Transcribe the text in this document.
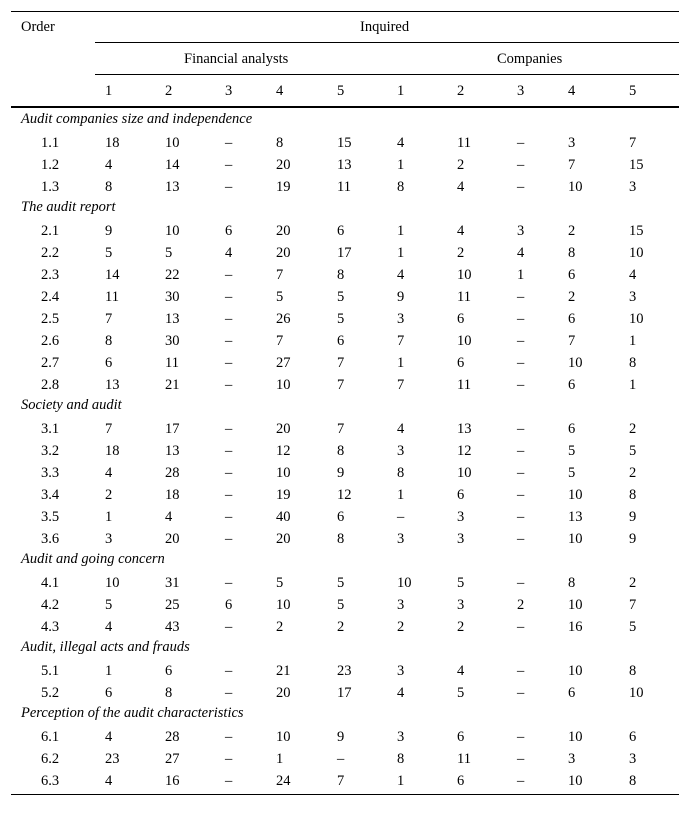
Order	Inquired
Financial analysts	Companies
1	2	3	4	5	1	2	3	4	5
Audit companies size and independence
1.1	18	10	–	8	15	4	11	–	3	7
1.2	4	14	–	20	13	1	2	–	7	15
1.3	8	13	–	19	11	8	4	–	10	3
The audit report
2.1	9	10	6	20	6	1	4	3	2	15
2.2	5	5	4	20	17	1	2	4	8	10
2.3	14	22	–	7	8	4	10	1	6	4
2.4	11	30	–	5	5	9	11	–	2	3
2.5	7	13	–	26	5	3	6	–	6	10
2.6	8	30	–	7	6	7	10	–	7	1
2.7	6	11	–	27	7	1	6	–	10	8
2.8	13	21	–	10	7	7	11	–	6	1
Society and audit
3.1	7	17	–	20	7	4	13	–	6	2
3.2	18	13	–	12	8	3	12	–	5	5
3.3	4	28	–	10	9	8	10	–	5	2
3.4	2	18	–	19	12	1	6	–	10	8
3.5	1	4	–	40	6	–	3	–	13	9
3.6	3	20	–	20	8	3	3	–	10	9
Audit and going concern
4.1	10	31	–	5	5	10	5	–	8	2
4.2	5	25	6	10	5	3	3	2	10	7
4.3	4	43	–	2	2	2	2	–	16	5
Audit, illegal acts and frauds
5.1	1	6	–	21	23	3	4	–	10	8
5.2	6	8	–	20	17	4	5	–	6	10
Perception of the audit characteristics
6.1	4	28	–	10	9	3	6	–	10	6
6.2	23	27	–	1	–	8	11	–	3	3
6.3	4	16	–	24	7	1	6	–	10	8
